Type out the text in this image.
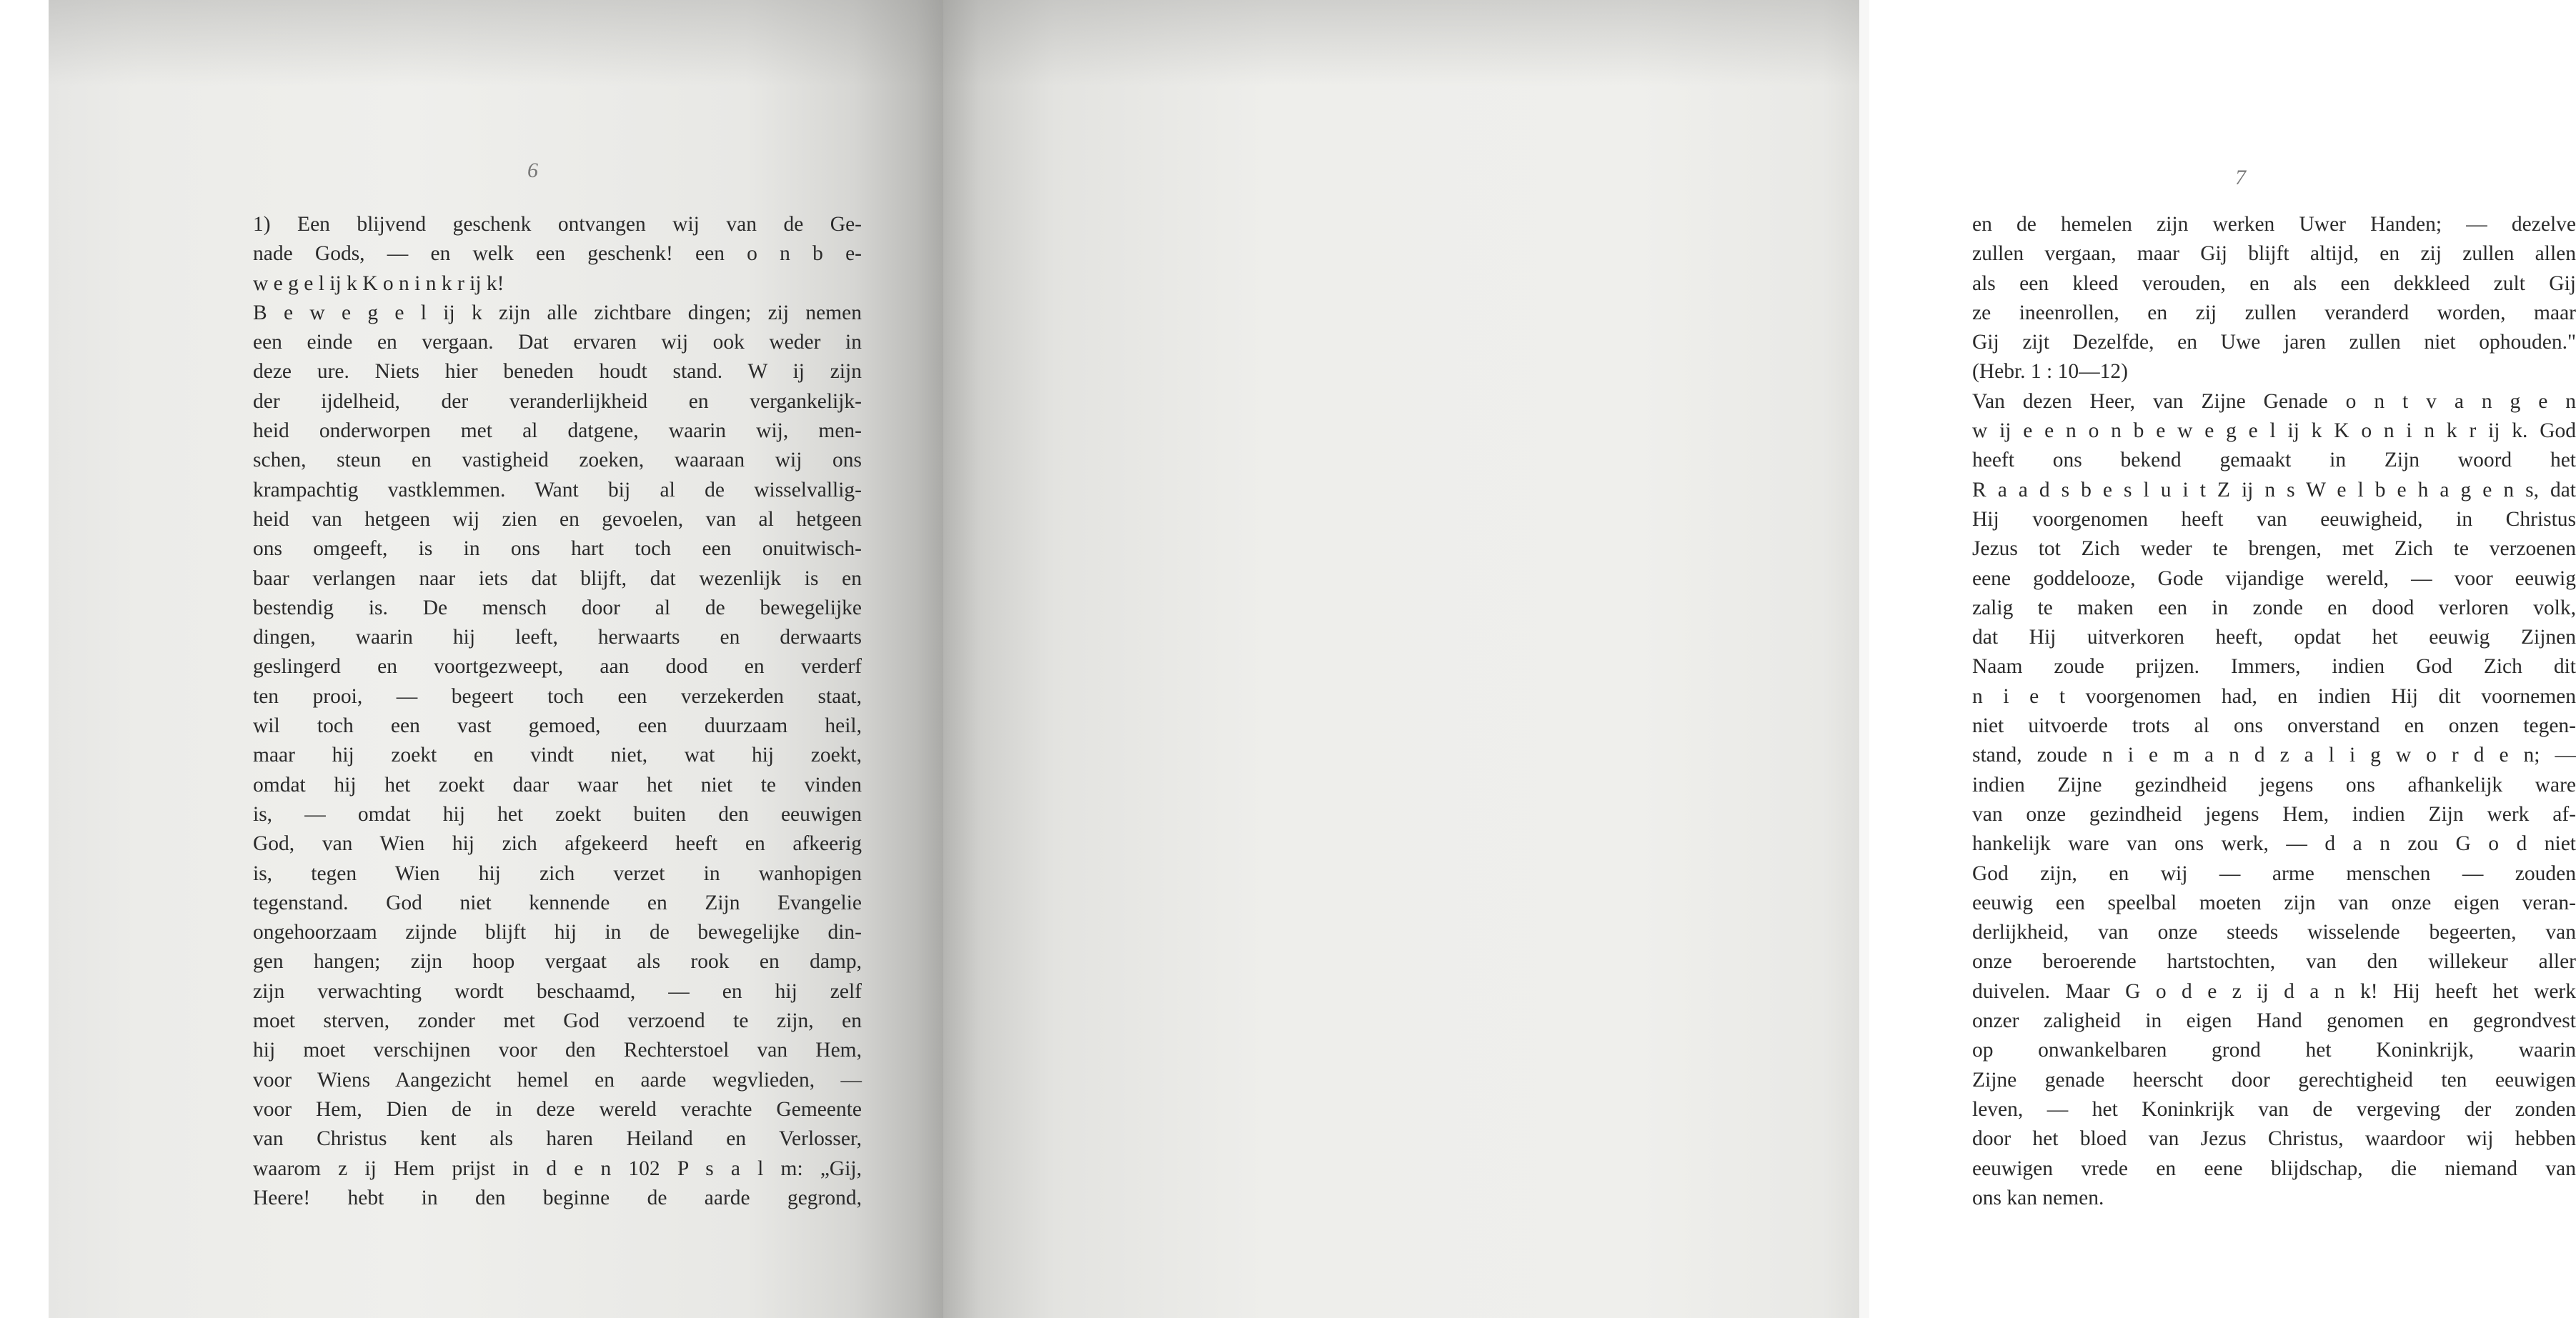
6
1) Een blijvend geschenk ontvangen wij van de Ge-
nade Gods, — en welk een geschenk! een o n b e-
w e g e l ij k K o n i n k r ij k!
B e w e g e l ij k zijn alle zichtbare dingen; zij nemen
een einde en vergaan. Dat ervaren wij ook weder in
deze ure. Niets hier beneden houdt stand. W ij zijn
der ijdelheid, der veranderlijkheid en vergankelijk-
heid onderworpen met al datgene, waarin wij, men-
schen, steun en vastigheid zoeken, waaraan wij ons
krampachtig vastklemmen. Want bij al de wisselvallig-
heid van hetgeen wij zien en gevoelen, van al hetgeen
ons omgeeft, is in ons hart toch een onuitwisch-
baar verlangen naar iets dat blijft, dat wezenlijk is en
bestendig is. De mensch door al de bewegelijke
dingen, waarin hij leeft, herwaarts en derwaarts
geslingerd en voortgezweept, aan dood en verderf
ten prooi, — begeert toch een verzekerden staat,
wil toch een vast gemoed, een duurzaam heil,
maar hij zoekt en vindt niet, wat hij zoekt,
omdat hij het zoekt daar waar het niet te vinden
is, — omdat hij het zoekt buiten den eeuwigen
God, van Wien hij zich afgekeerd heeft en afkeerig
is, tegen Wien hij zich verzet in wanhopigen
tegenstand. God niet kennende en Zijn Evangelie
ongehoorzaam zijnde blijft hij in de bewegelijke din-
gen hangen; zijn hoop vergaat als rook en damp,
zijn verwachting wordt beschaamd, — en hij zelf
moet sterven, zonder met God verzoend te zijn, en
hij moet verschijnen voor den Rechterstoel van Hem,
voor Wiens Aangezicht hemel en aarde wegvlieden, —
voor Hem, Dien de in deze wereld verachte Gemeente
van Christus kent als haren Heiland en Verlosser,
waarom z ij Hem prijst in d e n 102 P s a l m: „Gij,
Heere! hebt in den beginne de aarde gegrond,
7
en de hemelen zijn werken Uwer Handen; — dezelve
zullen vergaan, maar Gij blijft altijd, en zij zullen allen
als een kleed verouden, en als een dekkleed zult Gij
ze ineenrollen, en zij zullen veranderd worden, maar
Gij zijt Dezelfde, en Uwe jaren zullen niet ophouden."
(Hebr. 1 : 10—12)
Van dezen Heer, van Zijne Genade o n t v a n g e n
w ij e e n o n b e w e g e l ij k K o n i n k r ij k. God
heeft ons bekend gemaakt in Zijn woord het
R a a d s b e s l u i t Z ij n s W e l b e h a g e n s, dat
Hij voorgenomen heeft van eeuwigheid, in Christus
Jezus tot Zich weder te brengen, met Zich te verzoenen
eene goddelooze, Gode vijandige wereld, — voor eeuwig
zalig te maken een in zonde en dood verloren volk,
dat Hij uitverkoren heeft, opdat het eeuwig Zijnen
Naam zoude prijzen. Immers, indien God Zich dit
n i e t voorgenomen had, en indien Hij dit voornemen
niet uitvoerde trots al ons onverstand en onzen tegen-
stand, zoude n i e m a n d z a l i g w o r d e n; —
indien Zijne gezindheid jegens ons afhankelijk ware
van onze gezindheid jegens Hem, indien Zijn werk af-
hankelijk ware van ons werk, — d a n zou G o d niet
God zijn, en wij — arme menschen — zouden
eeuwig een speelbal moeten zijn van onze eigen veran-
derlijkheid, van onze steeds wisselende begeerten, van
onze beroerende hartstochten, van den willekeur aller
duivelen. Maar G o d e z ij d a n k! Hij heeft het werk
onzer zaligheid in eigen Hand genomen en gegrondvest
op onwankelbaren grond het Koninkrijk, waarin
Zijne genade heerscht door gerechtigheid ten eeuwigen
leven, — het Koninkrijk van de vergeving der zonden
door het bloed van Jezus Christus, waardoor wij hebben
eeuwigen vrede en eene blijdschap, die niemand van
ons kan nemen.
